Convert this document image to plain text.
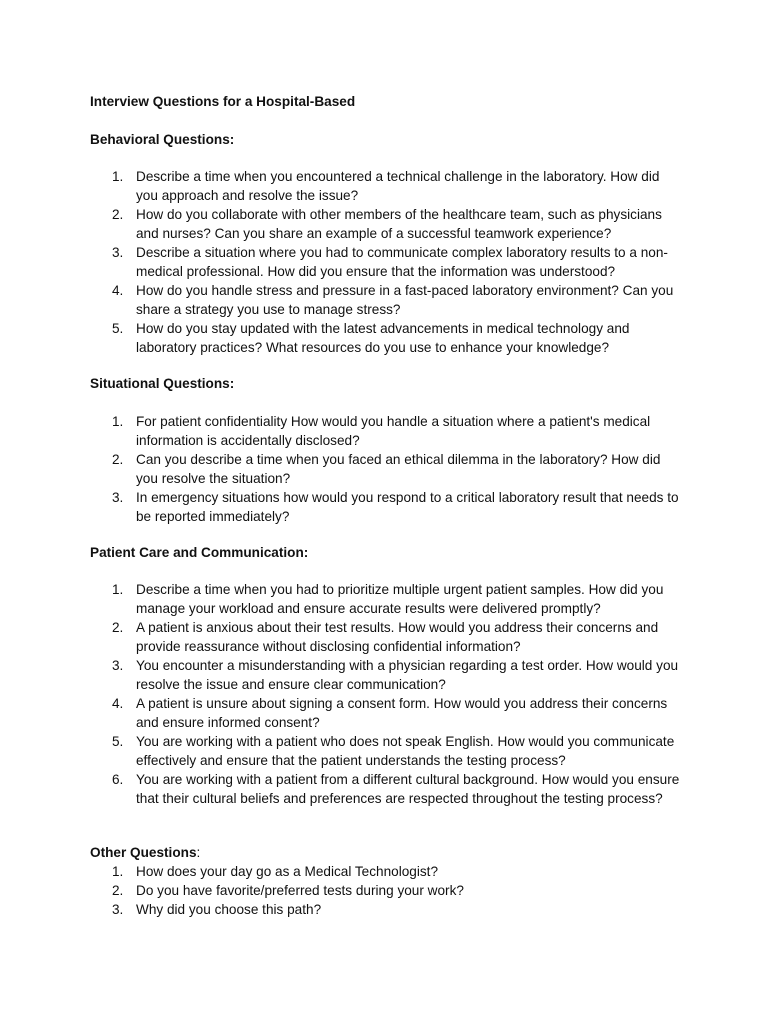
Interview Questions for a Hospital-Based
Behavioral Questions:
1. Describe a time when you encountered a technical challenge in the laboratory. How did you approach and resolve the issue?
2. How do you collaborate with other members of the healthcare team, such as physicians and nurses? Can you share an example of a successful teamwork experience?
3. Describe a situation where you had to communicate complex laboratory results to a non-medical professional. How did you ensure that the information was understood?
4. How do you handle stress and pressure in a fast-paced laboratory environment? Can you share a strategy you use to manage stress?
5. How do you stay updated with the latest advancements in medical technology and laboratory practices? What resources do you use to enhance your knowledge?
Situational Questions:
1. For patient confidentiality How would you handle a situation where a patient's medical information is accidentally disclosed?
2. Can you describe a time when you faced an ethical dilemma in the laboratory? How did you resolve the situation?
3. In emergency situations how would you respond to a critical laboratory result that needs to be reported immediately?
Patient Care and Communication:
1. Describe a time when you had to prioritize multiple urgent patient samples. How did you manage your workload and ensure accurate results were delivered promptly?
2. A patient is anxious about their test results. How would you address their concerns and provide reassurance without disclosing confidential information?
3. You encounter a misunderstanding with a physician regarding a test order. How would you resolve the issue and ensure clear communication?
4. A patient is unsure about signing a consent form. How would you address their concerns and ensure informed consent?
5. You are working with a patient who does not speak English. How would you communicate effectively and ensure that the patient understands the testing process?
6. You are working with a patient from a different cultural background. How would you ensure that their cultural beliefs and preferences are respected throughout the testing process?
Other Questions:
1. How does your day go as a Medical Technologist?
2. Do you have favorite/preferred tests during your work?
3. Why did you choose this path?
